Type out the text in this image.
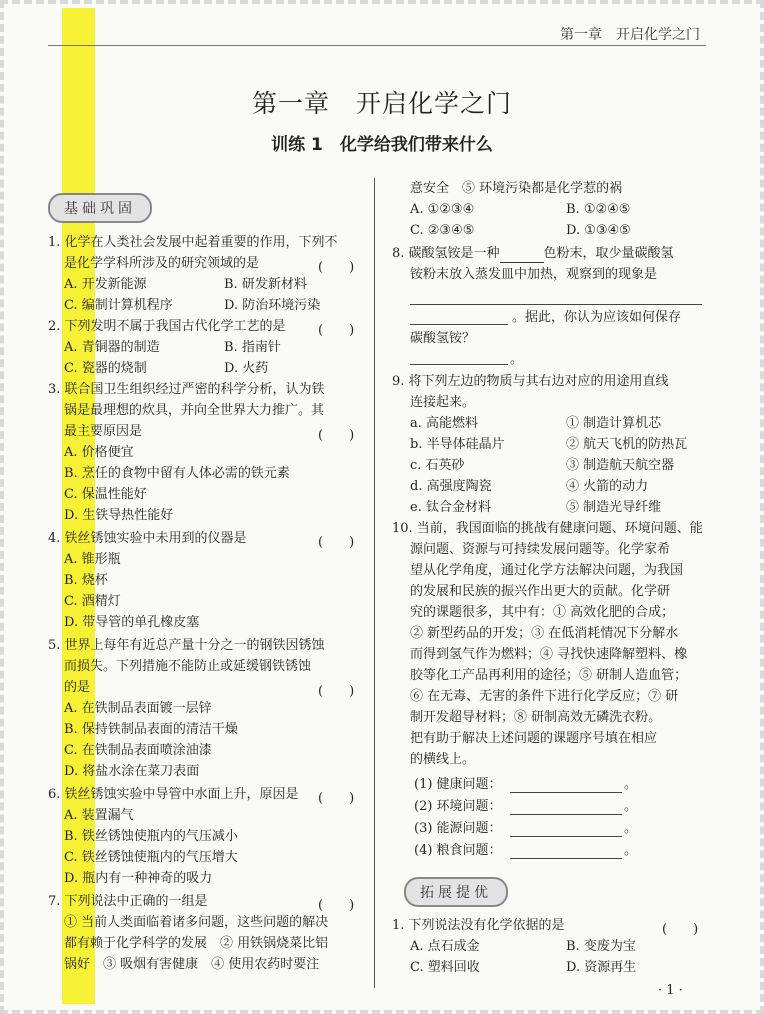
第一章　开启化学之门
第一章　开启化学之门
训练 1　化学给我们带来什么
基础巩固
1. 化学在人类社会发展中起着重要的作用，下列不
是化学学科所涉及的研究领域的是	(　　)
A. 开发新能源	B. 研发新材料
C. 编制计算机程序	D. 防治环境污染
2. 下列发明不属于我国古代化学工艺的是 (　　)
A. 青铜器的制造	B. 指南针
C. 瓷器的烧制	D. 火药
3. 联合国卫生组织经过严密的科学分析，认为铁
锅是最理想的炊具，并向全世界大力推广。其
最主要原因是	(　　)
A. 价格便宜
B. 烹任的食物中留有人体必需的铁元素
C. 保温性能好
D. 生铁导热性能好
4. 铁丝锈蚀实验中未用到的仪器是	(　　)
A. 锥形瓶
B. 烧杯
C. 酒精灯
D. 带导管的单孔橡皮塞
5. 世界上每年有近总产量十分之一的钢铁因锈蚀
而损失。下列措施不能防止或延缓钢铁锈蚀
的是	(　　)
A. 在铁制品表面镀一层锌
B. 保持铁制品表面的清洁干燥
C. 在铁制品表面喷涂油漆
D. 将盐水涂在菜刀表面
6. 铁丝锈蚀实验中导管中水面上升，原因是 (　　)
A. 装置漏气
B. 铁丝锈蚀使瓶内的气压减小
C. 铁丝锈蚀使瓶内的气压增大
D. 瓶内有一种神奇的吸力
7. 下列说法中正确的一组是	(　　)
① 当前人类面临着诸多问题，这些问题的解决
都有赖于化学科学的发展　② 用铁锅烧菜比铝
锅好　③ 吸烟有害健康　④ 使用农药时要注
意安全　⑤ 环境污染都是化学惹的祸
A. ①②③④	B. ①②④⑤
C. ②③④⑤	D. ①③④⑤
8. 碳酸氢铵是一种	色粉末，取少量碳酸氢
铵粉末放入蒸发皿中加热，观察到的现象是
。据此，你认为应该如何保存
碳酸氢铵？
。
9. 将下列左边的物质与其右边对应的用途用直线
连接起来。
a. 高能燃料	① 制造计算机芯
b. 半导体硅晶片	② 航天飞机的防热瓦
c. 石英砂	③ 制造航天航空器
d. 高强度陶瓷	④ 火箭的动力
e. 钛合金材料	⑤ 制造光导纤维
10. 当前，我国面临的挑战有健康问题、环境问题、能
源问题、资源与可持续发展问题等。化学家希
望从化学角度，通过化学方法解决问题，为我国
的发展和民族的振兴作出更大的贡献。化学研
究的课题很多，其中有：① 高效化肥的合成；
② 新型药品的开发；③ 在低消耗情况下分解水
而得到氢气作为燃料；④ 寻找快速降解塑料、橡
胶等化工产品再利用的途径；⑤ 研制人造血管；
⑥ 在无毒、无害的条件下进行化学反应；⑦ 研
制开发超导材料；⑧ 研制高效无磷洗衣粉。
把有助于解决上述问题的课题序号填在相应
的横线上。
(1) 健康问题：	。
(2) 环境问题：	。
(3) 能源问题：	。
(4) 粮食问题：	。
拓展提优
1. 下列说法没有化学依据的是	(　　)
A. 点石成金	B. 变废为宝
C. 塑料回收	D. 资源再生
· 1 ·
